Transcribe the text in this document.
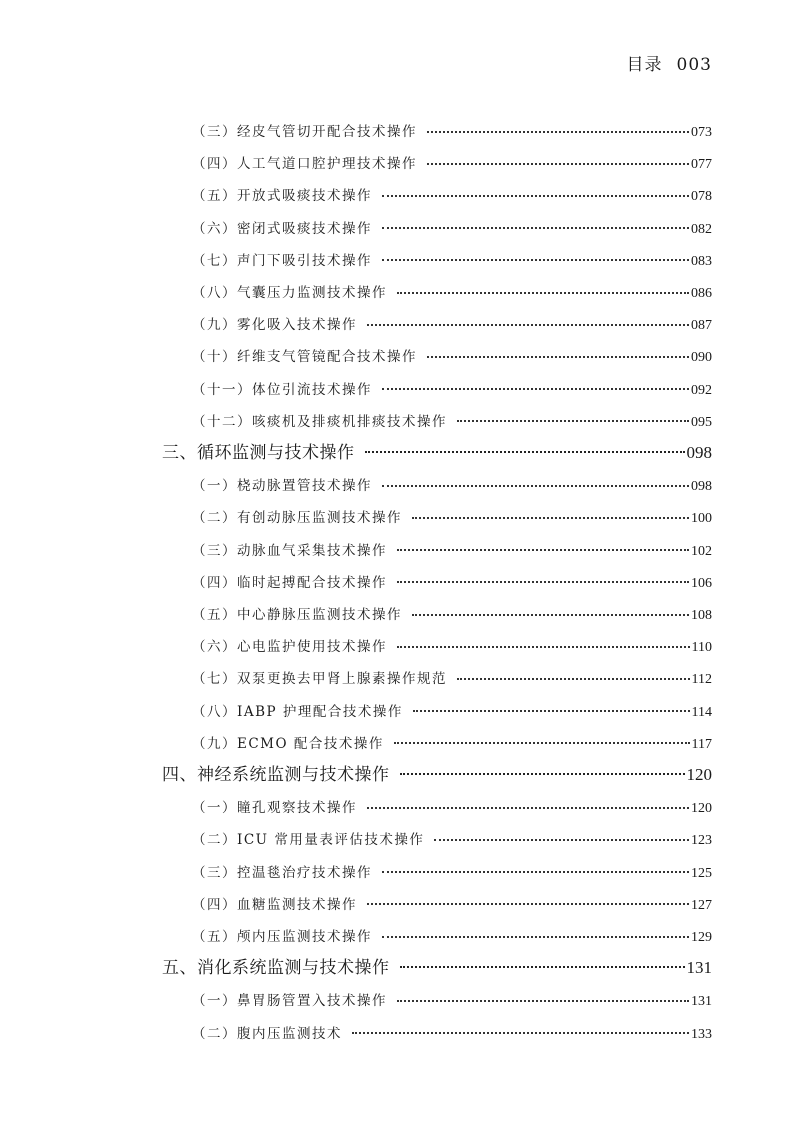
目录 003
（三）经皮气管切开配合技术操作	073
（四）人工气道口腔护理技术操作	077
（五）开放式吸痰技术操作	078
（六）密闭式吸痰技术操作	082
（七）声门下吸引技术操作	083
（八）气囊压力监测技术操作	086
（九）雾化吸入技术操作	087
（十）纤维支气管镜配合技术操作	090
（十一）体位引流技术操作	092
（十二）咳痰机及排痰机排痰技术操作	095
三、循环监测与技术操作	098
（一）桡动脉置管技术操作	098
（二）有创动脉压监测技术操作	100
（三）动脉血气采集技术操作	102
（四）临时起搏配合技术操作	106
（五）中心静脉压监测技术操作	108
（六）心电监护使用技术操作	110
（七）双泵更换去甲肾上腺素操作规范	112
（八）IABP 护理配合技术操作	114
（九）ECMO 配合技术操作	117
四、神经系统监测与技术操作	120
（一）瞳孔观察技术操作	120
（二）ICU 常用量表评估技术操作	123
（三）控温毯治疗技术操作	125
（四）血糖监测技术操作	127
（五）颅内压监测技术操作	129
五、消化系统监测与技术操作	131
（一）鼻胃肠管置入技术操作	131
（二）腹内压监测技术	133
